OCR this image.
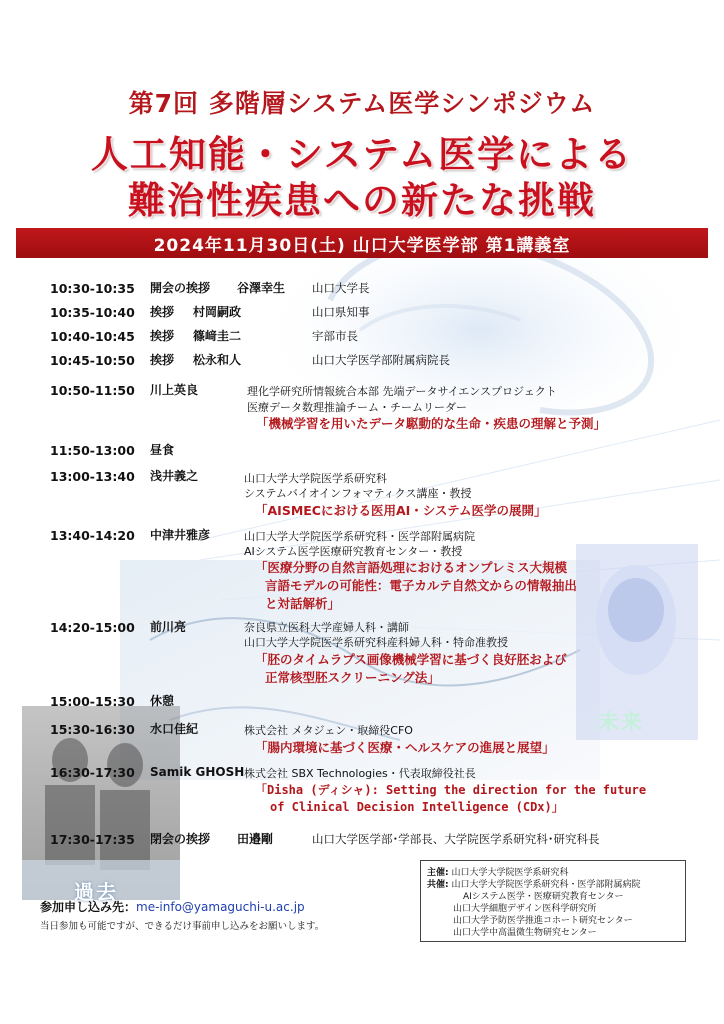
第7回 多階層システム医学シンポジウム
人工知能・システム医学による
難治性疾患への新たな挑戦
2024年11月30日(土) 山口大学医学部 第1講義室
10:30-10:35 開会の挨拶 谷澤幸生 山口大学長
10:35-10:40 挨拶 村岡嗣政	山口県知事
10:40-10:45 挨拶 篠﨑圭二	宇部市長
10:45-10:50 挨拶 松永和人	山口大学医学部附属病院長
10:50-11:50 川上英良	理化学研究所情報統合本部 先端データサイエンスプロジェクト
医療データ数理推論チーム・チームリーダー
「機械学習を用いたデータ駆動的な生命・疾患の理解と予測」
11:50-13:00 昼食
13:00-13:40 浅井義之	山口大学大学院医学系研究科
システムバイオインフォマティクス講座・教授
「AISMECにおける医用AI・システム医学の展開」
13:40-14:20 中津井雅彦	山口大学大学院医学系研究科・医学部附属病院
AIシステム医学医療研究教育センター・教授
「医療分野の自然言語処理におけるオンプレミス大規模
言語モデルの可能性：電子カルテ自然文からの情報抽出
と対話解析」
14:20-15:00 前川亮	奈良県立医科大学産婦人科・講師
山口大学大学院医学系研究科産科婦人科・特命准教授
「胚のタイムラプス画像機械学習に基づく良好胚および
正常核型胚スクリーニング法」
15:00-15:30 休憩
15:30-16:30 水口佳紀	株式会社 メタジェン・取締役CFO
「腸内環境に基づく医療・ヘルスケアの進展と展望」
16:30-17:30 Samik GHOSH 株式会社 SBX Technologies・代表取締役社長
「Disha (ディシャ): Setting the direction for the future
of Clinical Decision Intelligence (CDx)」
17:30-17:35 閉会の挨拶 田邉剛	山口大学医学部･学部長、大学院医学系研究科･研究科長
未来
過去
参加申し込み先：me-info@yamaguchi-u.ac.jp
当日参加も可能ですが、できるだけ事前申し込みをお願いします。
主催: 山口大学大学院医学系研究科
共催: 山口大学大学院医学系研究科・医学部附属病院
AIシステム医学・医療研究教育センター
山口大学細胞デザイン医科学研究所
山口大学予防医学推進コホート研究センター
山口大学中高温微生物研究センター
